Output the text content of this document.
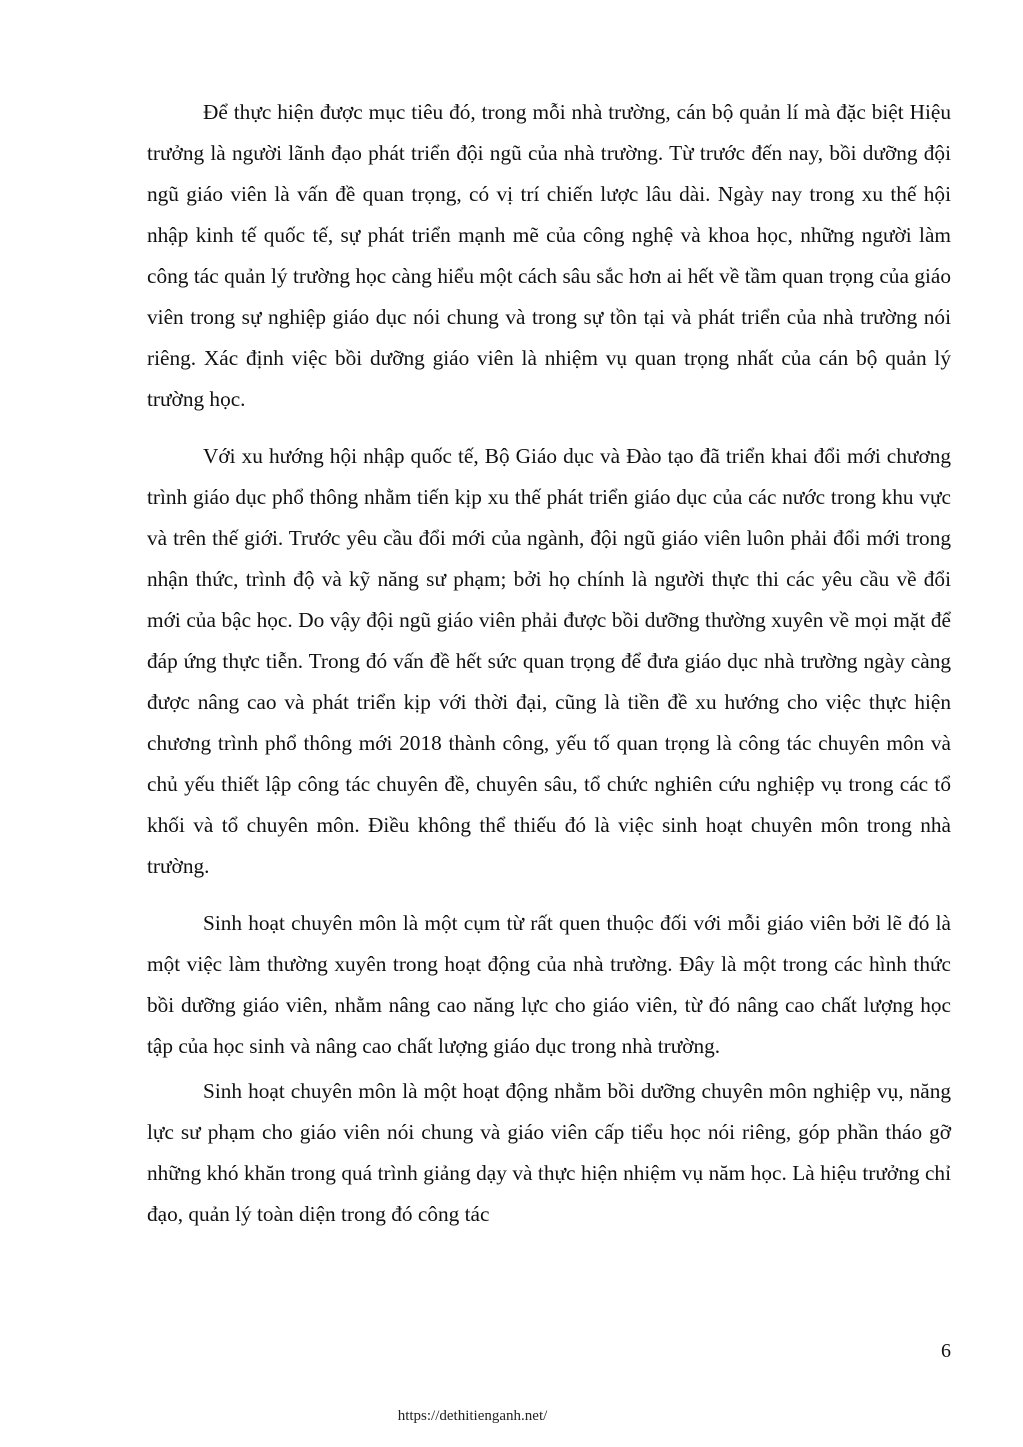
Để thực hiện được mục tiêu đó, trong mỗi nhà trường, cán bộ quản lí mà đặc biệt Hiệu trưởng là người lãnh đạo phát triển đội ngũ của nhà trường. Từ trước đến nay, bồi dưỡng đội ngũ giáo viên là vấn đề quan trọng, có vị trí chiến lược lâu dài. Ngày nay trong xu thế hội nhập kinh tế quốc tế, sự phát triển mạnh mẽ của công nghệ và khoa học, những người làm công tác quản lý trường học càng hiểu một cách sâu sắc hơn ai hết về tầm quan trọng của giáo viên trong sự nghiệp giáo dục nói chung và trong sự tồn tại và phát triển của nhà trường nói riêng. Xác định việc bồi dưỡng giáo viên là nhiệm vụ quan trọng nhất của cán bộ quản lý trường học.

Với xu hướng hội nhập quốc tế, Bộ Giáo dục và Đào tạo đã triển khai đổi mới chương trình giáo dục phổ thông nhằm tiến kịp xu thế phát triển giáo dục của các nước trong khu vực và trên thế giới. Trước yêu cầu đổi mới của ngành, đội ngũ giáo viên luôn phải đổi mới trong nhận thức, trình độ và kỹ năng sư phạm; bởi họ chính là người thực thi các yêu cầu về đổi mới của bậc học. Do vậy đội ngũ giáo viên phải được bồi dưỡng thường xuyên về mọi mặt để đáp ứng thực tiễn. Trong đó vấn đề hết sức quan trọng để đưa giáo dục nhà trường ngày càng được nâng cao và phát triển kịp với thời đại, cũng là tiền đề xu hướng cho việc thực hiện chương trình phổ thông mới 2018 thành công, yếu tố quan trọng là công tác chuyên môn và chủ yếu thiết lập công tác chuyên đề, chuyên sâu, tổ chức nghiên cứu nghiệp vụ trong các tổ khối và tổ chuyên môn. Điều không thể thiếu đó là việc sinh hoạt chuyên môn trong nhà trường.

Sinh hoạt chuyên môn là một cụm từ rất quen thuộc đối với mỗi giáo viên bởi lẽ đó là một việc làm thường xuyên trong hoạt động của nhà trường. Đây là một trong các hình thức bồi dưỡng giáo viên, nhằm nâng cao năng lực cho giáo viên, từ đó nâng cao chất lượng học tập của học sinh và nâng cao chất lượng giáo dục trong nhà trường.

Sinh hoạt chuyên môn là một hoạt động nhằm bồi dưỡng chuyên môn nghiệp vụ, năng lực sư phạm cho giáo viên nói chung và giáo viên cấp tiểu học nói riêng, góp phần tháo gỡ những khó khăn trong quá trình giảng dạy và thực hiện nhiệm vụ năm học. Là hiệu trưởng chỉ đạo, quản lý toàn diện trong đó công tác

6
https://dethitienganh.net/
